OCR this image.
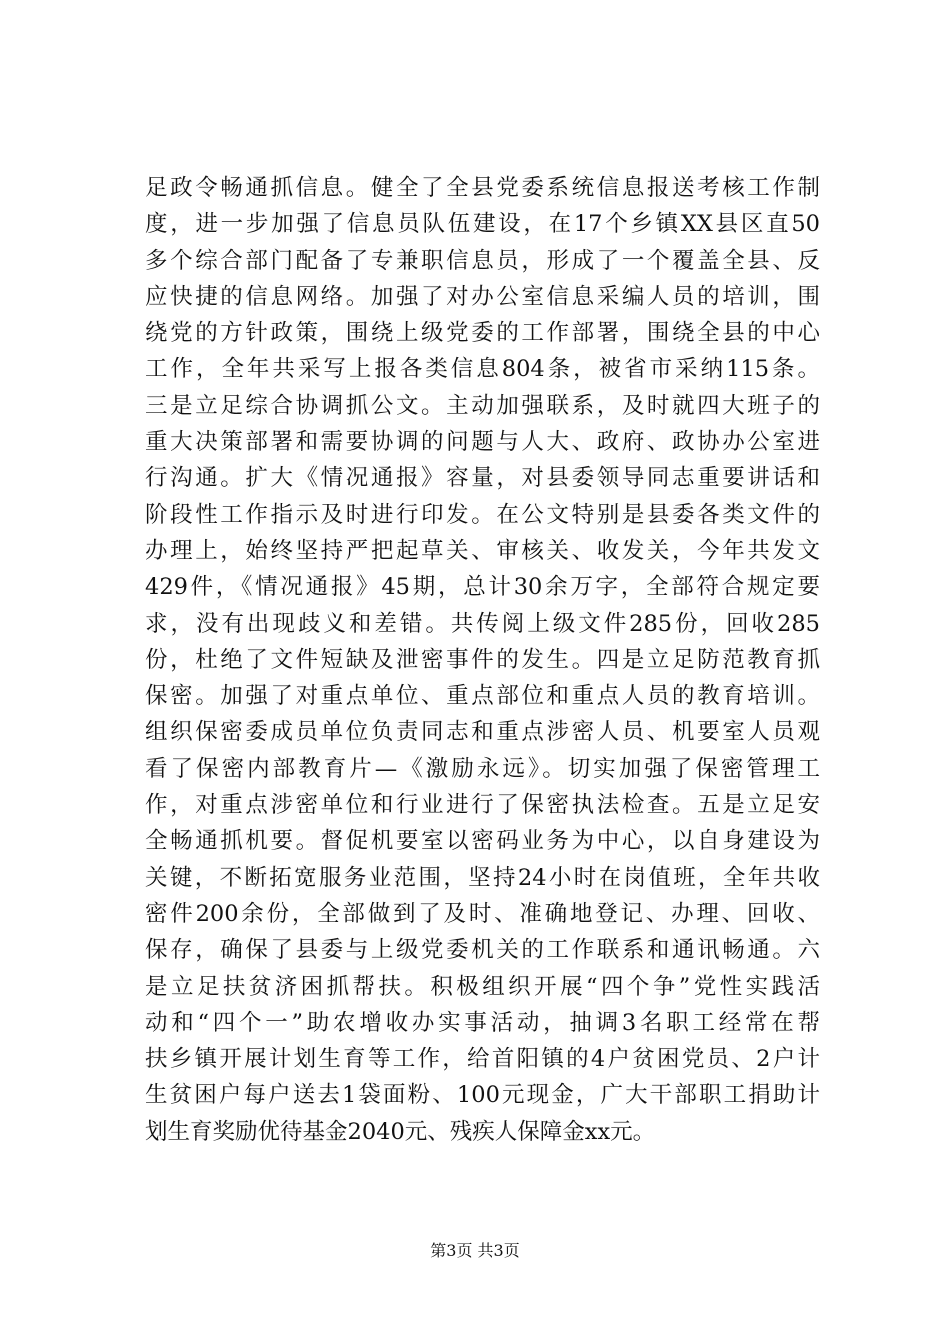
足政令畅通抓信息。健全了全县党委系统信息报送考核工作制
度，进一步加强了信息员队伍建设，在17个乡镇XX县区直50
多个综合部门配备了专兼职信息员，形成了一个覆盖全县、反
应快捷的信息网络。加强了对办公室信息采编人员的培训，围
绕党的方针政策，围绕上级党委的工作部署，围绕全县的中心
工作，全年共采写上报各类信息804条，被省市采纳115条。
三是立足综合协调抓公文。主动加强联系，及时就四大班子的
重大决策部署和需要协调的问题与人大、政府、政协办公室进
行沟通。扩大《情况通报》容量，对县委领导同志重要讲话和
阶段性工作指示及时进行印发。在公文特别是县委各类文件的
办理上，始终坚持严把起草关、审核关、收发关，今年共发文
429件，《情况通报》45期，总计30余万字，全部符合规定要
求，没有出现歧义和差错。共传阅上级文件285份，回收285
份，杜绝了文件短缺及泄密事件的发生。四是立足防范教育抓
保密。加强了对重点单位、重点部位和重点人员的教育培训。
组织保密委成员单位负责同志和重点涉密人员、机要室人员观
看了保密内部教育片—《激励永远》。切实加强了保密管理工
作，对重点涉密单位和行业进行了保密执法检查。五是立足安
全畅通抓机要。督促机要室以密码业务为中心，以自身建设为
关键，不断拓宽服务业范围，坚持24小时在岗值班，全年共收
密件200余份，全部做到了及时、准确地登记、办理、回收、
保存，确保了县委与上级党委机关的工作联系和通讯畅通。六
是立足扶贫济困抓帮扶。积极组织开展“四个争”党性实践活
动和“四个一”助农增收办实事活动，抽调3名职工经常在帮
扶乡镇开展计划生育等工作，给首阳镇的4户贫困党员、2户计
生贫困户每户送去1袋面粉、100元现金，广大干部职工捐助计
划生育奖励优待基金2040元、残疾人保障金xx元。
第3页 共3页
